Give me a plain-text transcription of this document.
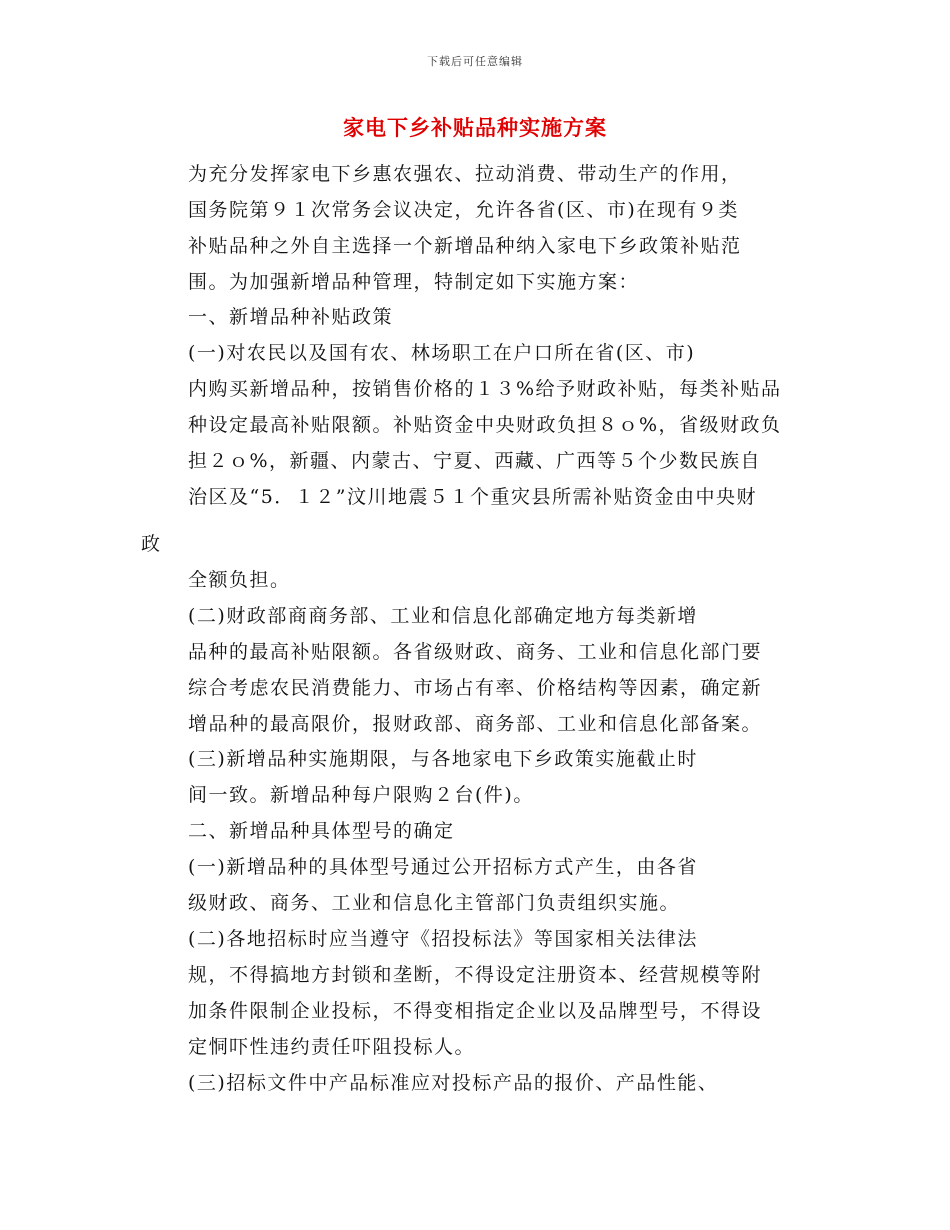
下载后可任意编辑
家电下乡补贴品种实施方案
为充分发挥家电下乡惠农强农、拉动消费、带动生产的作用，
国务院第９１次常务会议决定，允许各省(区、市)在现有９类
补贴品种之外自主选择一个新增品种纳入家电下乡政策补贴范
围。为加强新增品种管理，特制定如下实施方案：
一、新增品种补贴政策
(一)对农民以及国有农、林场职工在户口所在省(区、市)
内购买新增品种，按销售价格的１３%给予财政补贴，每类补贴品
种设定最高补贴限额。补贴资金中央财政负担８ｏ%，省级财政负
担２ｏ%，新疆、内蒙古、宁夏、西藏、广西等５个少数民族自
治区及“5．１２”汶川地震５１个重灾县所需补贴资金由中央财
政
全额负担。
(二)财政部商商务部、工业和信息化部确定地方每类新增
品种的最高补贴限额。各省级财政、商务、工业和信息化部门要
综合考虑农民消费能力、市场占有率、价格结构等因素，确定新
增品种的最高限价，报财政部、商务部、工业和信息化部备案。
(三)新增品种实施期限，与各地家电下乡政策实施截止时
间一致。新增品种每户限购２台(件)。
二、新增品种具体型号的确定
(一)新增品种的具体型号通过公开招标方式产生，由各省
级财政、商务、工业和信息化主管部门负责组织实施。
(二)各地招标时应当遵守《招投标法》等国家相关法律法
规，不得搞地方封锁和垄断，不得设定注册资本、经营规模等附
加条件限制企业投标，不得变相指定企业以及品牌型号，不得设
定恫吓性违约责任吓阻投标人。
(三)招标文件中产品标准应对投标产品的报价、产品性能、
